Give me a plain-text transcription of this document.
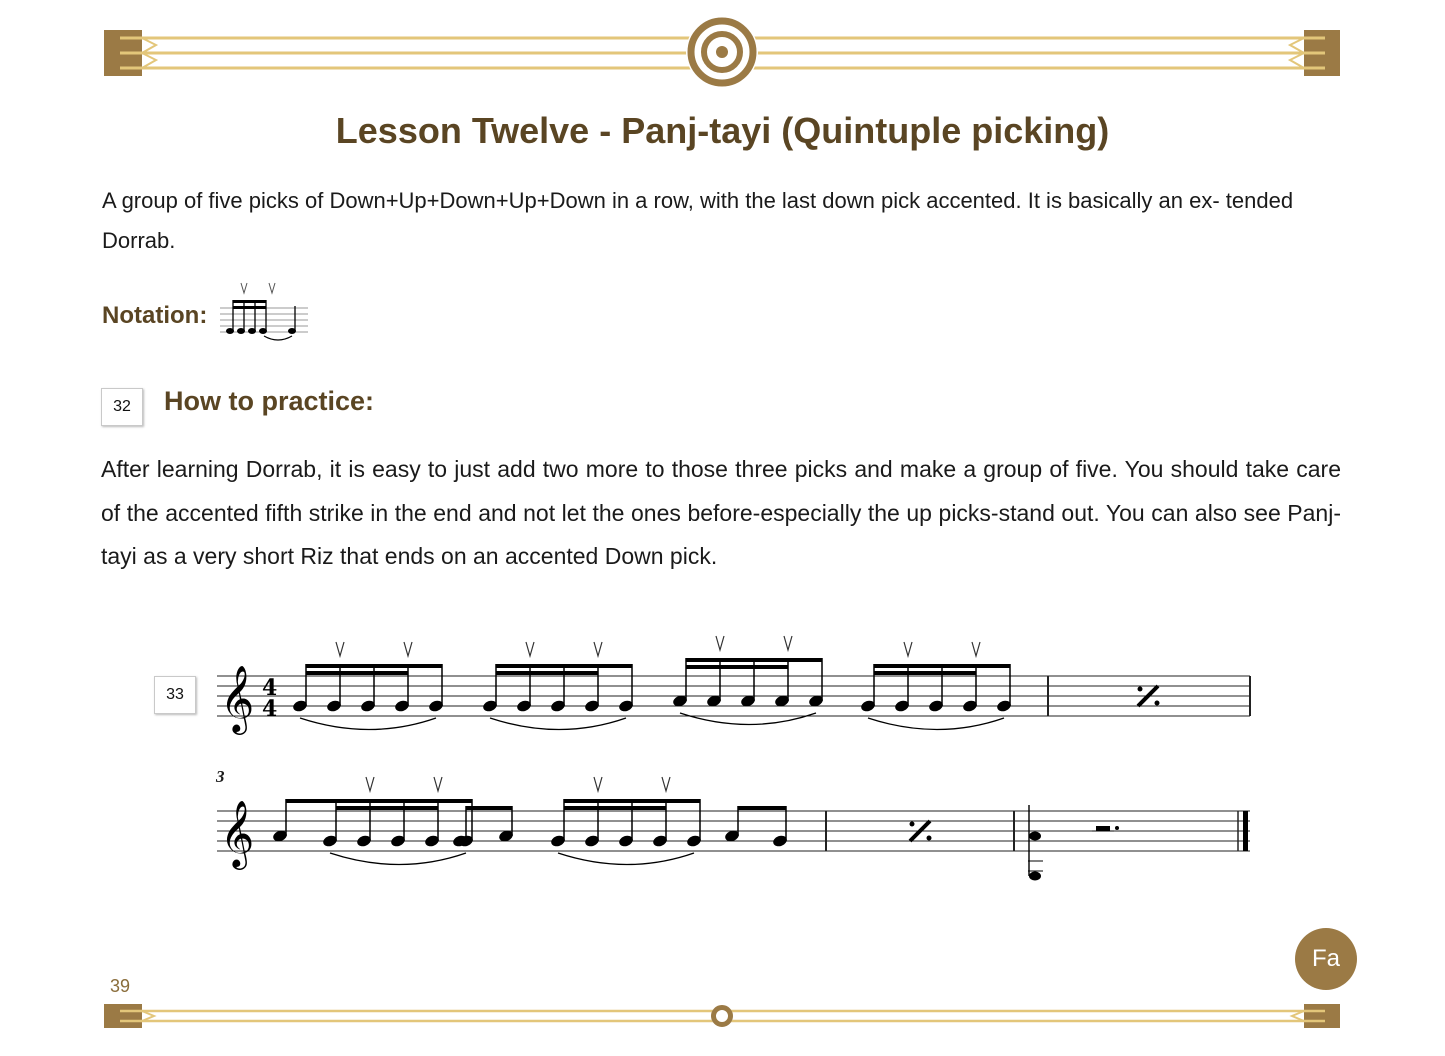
Lesson Twelve - Panj-tayi (Quintuple picking)
A group of five picks of Down+Up+Down+Up+Down in a row, with the last down pick accented. It is basically an ex- tended Dorrab.
Notation:
32	How to practice:
After learning Dorrab, it is easy to just add two more to those three picks and make a group of five. You should take care of the accented fifth strike in the end and not let the ones before-especially the up picks-stand out. You can also see Panj-tayi as a very short Riz that ends on an accented Down pick.
33 𝄞 4
4
3
𝄞
39
Fa
